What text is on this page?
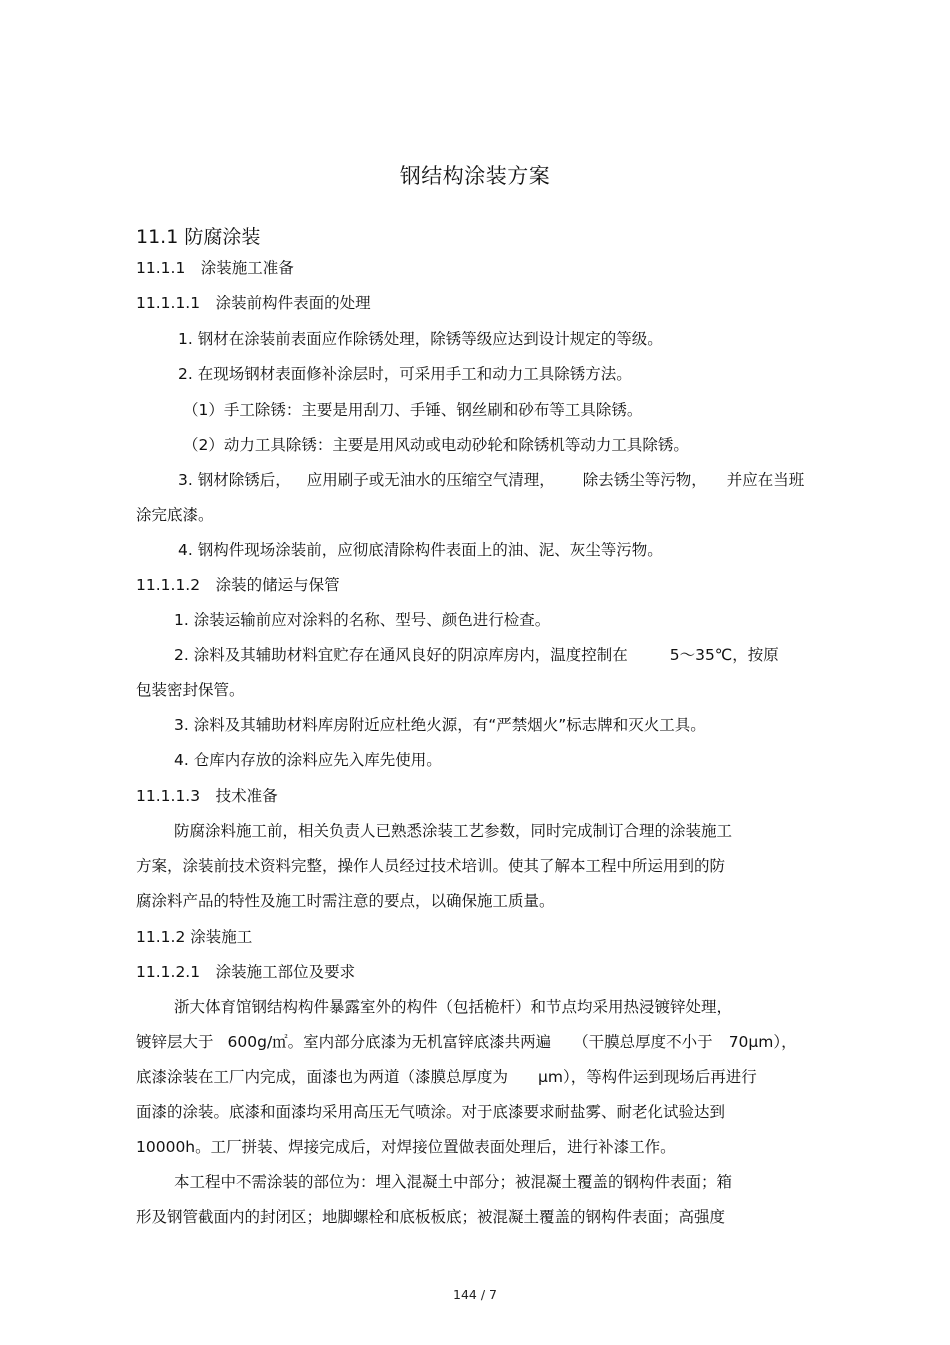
钢结构涂装方案
11.1 防腐涂装
11.1.1　涂装施工准备
11.1.1.1　涂装前构件表面的处理
1. 钢材在涂装前表面应作除锈处理，除锈等级应达到设计规定的等级。
2. 在现场钢材表面修补涂层时，可采用手工和动力工具除锈方法。
（1）手工除锈：主要是用刮刀、手锤、钢丝刷和砂布等工具除锈。
（2）动力工具除锈：主要是用风动或电动砂轮和除锈机等动力工具除锈。
3. 钢材除锈后， 应用刷子或无油水的压缩空气清理， 除去锈尘等污物， 并应在当班
涂完底漆。
4. 钢构件现场涂装前，应彻底清除构件表面上的油、泥、灰尘等污物。
11.1.1.2　涂装的储运与保管
1. 涂装运输前应对涂料的名称、型号、颜色进行检查。
2. 涂料及其辅助材料宜贮存在通风良好的阴凉库房内，温度控制在	5～35℃，按原
包装密封保管。
3. 涂料及其辅助材料库房附近应杜绝火源，有“严禁烟火”标志牌和灭火工具。
4. 仓库内存放的涂料应先入库先使用。
11.1.1.3　技术准备
防腐涂料施工前，相关负责人已熟悉涂装工艺参数，同时完成制订合理的涂装施工
方案，涂装前技术资料完整，操作人员经过技术培训。使其了解本工程中所运用到的防
腐涂料产品的特性及施工时需注意的要点，以确保施工质量。
11.1.2 涂装施工
11.1.2.1　涂装施工部位及要求
浙大体育馆钢结构构件暴露室外的构件（包括桅杆）和节点均采用热浸镀锌处理，
镀锌层大于 600g/㎡。室内部分底漆为无机富锌底漆共两遍 （干膜总厚度不小于 70µm），
底漆涂装在工厂内完成，面漆也为两道（漆膜总厚度为 µm），等构件运到现场后再进行
面漆的涂装。底漆和面漆均采用高压无气喷涂。对于底漆要求耐盐雾、耐老化试验达到
10000h。工厂拼装、焊接完成后，对焊接位置做表面处理后，进行补漆工作。
本工程中不需涂装的部位为：埋入混凝土中部分；被混凝土覆盖的钢构件表面；箱
形及钢管截面内的封闭区；地脚螺栓和底板板底；被混凝土覆盖的钢构件表面；高强度
144 / 7
